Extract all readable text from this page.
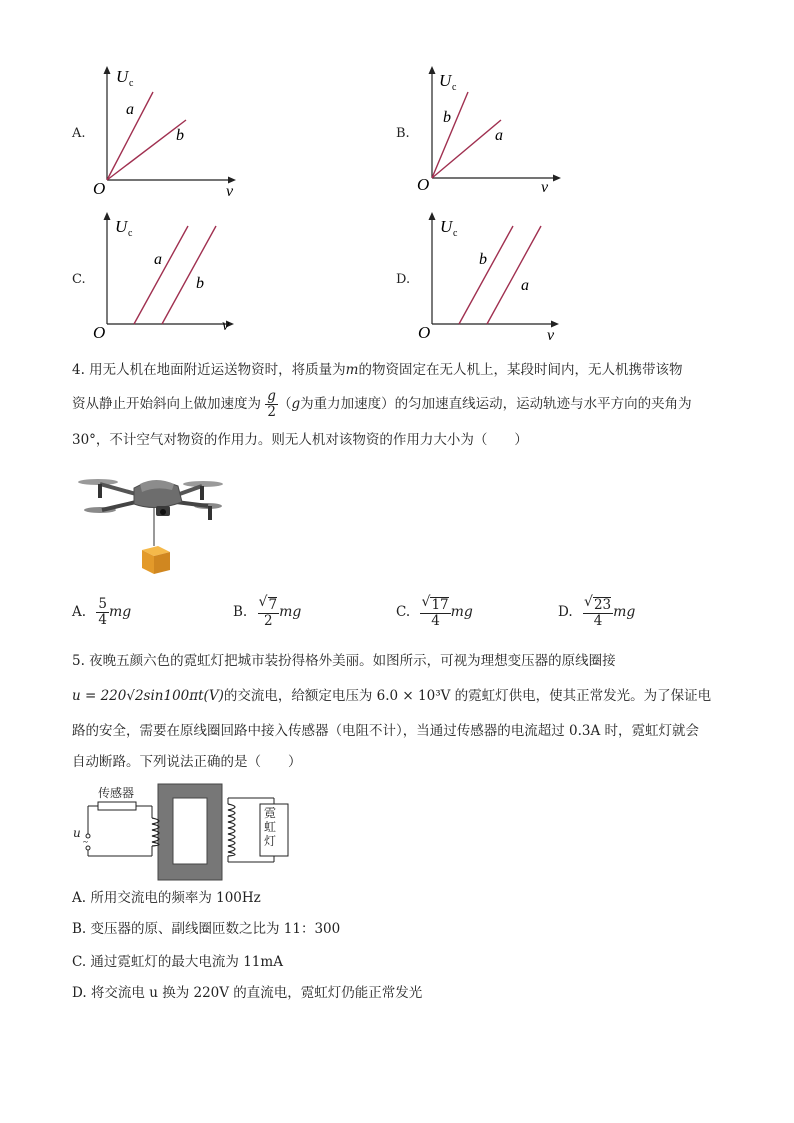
A.
U c
O	v
a
b	B.
U c
O	v
b
a
C.
U c
O	v
a
b	D.
U c
O	v
b
a
4. 用无人机在地面附近运送物资时，将质量为m的物资固定在无人机上，某段时间内，无人机携带该物
资从静止开始斜向上做加速度为 $\frac{g}{2} (g$为重力加速度）的匀加速直线运动，运动轨迹与水平方向的夹角为
30°，不计空气对物资的作用力。则无人机对该物资的作用力大小为（　　）
A. $\frac{5}{4}$ mg	B. √ $\frac{7}{2}$ mg	C. √ $\frac{17}{4}$ mg	D. √ $\frac{23}{4}$ mg
5. 夜晚五颜六色的霓虹灯把城市装扮得格外美丽。如图所示，可视为理想变压器的原线圈接
u = 220√2sin100πt(V)的交流电，给额定电压为 6.0 × 10³V 的霓虹灯供电，使其正常发光。为了保证电
路的安全，需要在原线圈回路中接入传感器（电阻不计），当通过传感器的电流超过 0.3A 时，霓虹灯就会
自动断路。下列说法正确的是（　　）
~
传感器
u
霓虹灯
A. 所用交流电的频率为 100Hz
B. 变压器的原、副线圈匝数之比为 11：300
C. 通过霓虹灯的最大电流为 11mA
D. 将交流电 u 换为 220V 的直流电，霓虹灯仍能正常发光
